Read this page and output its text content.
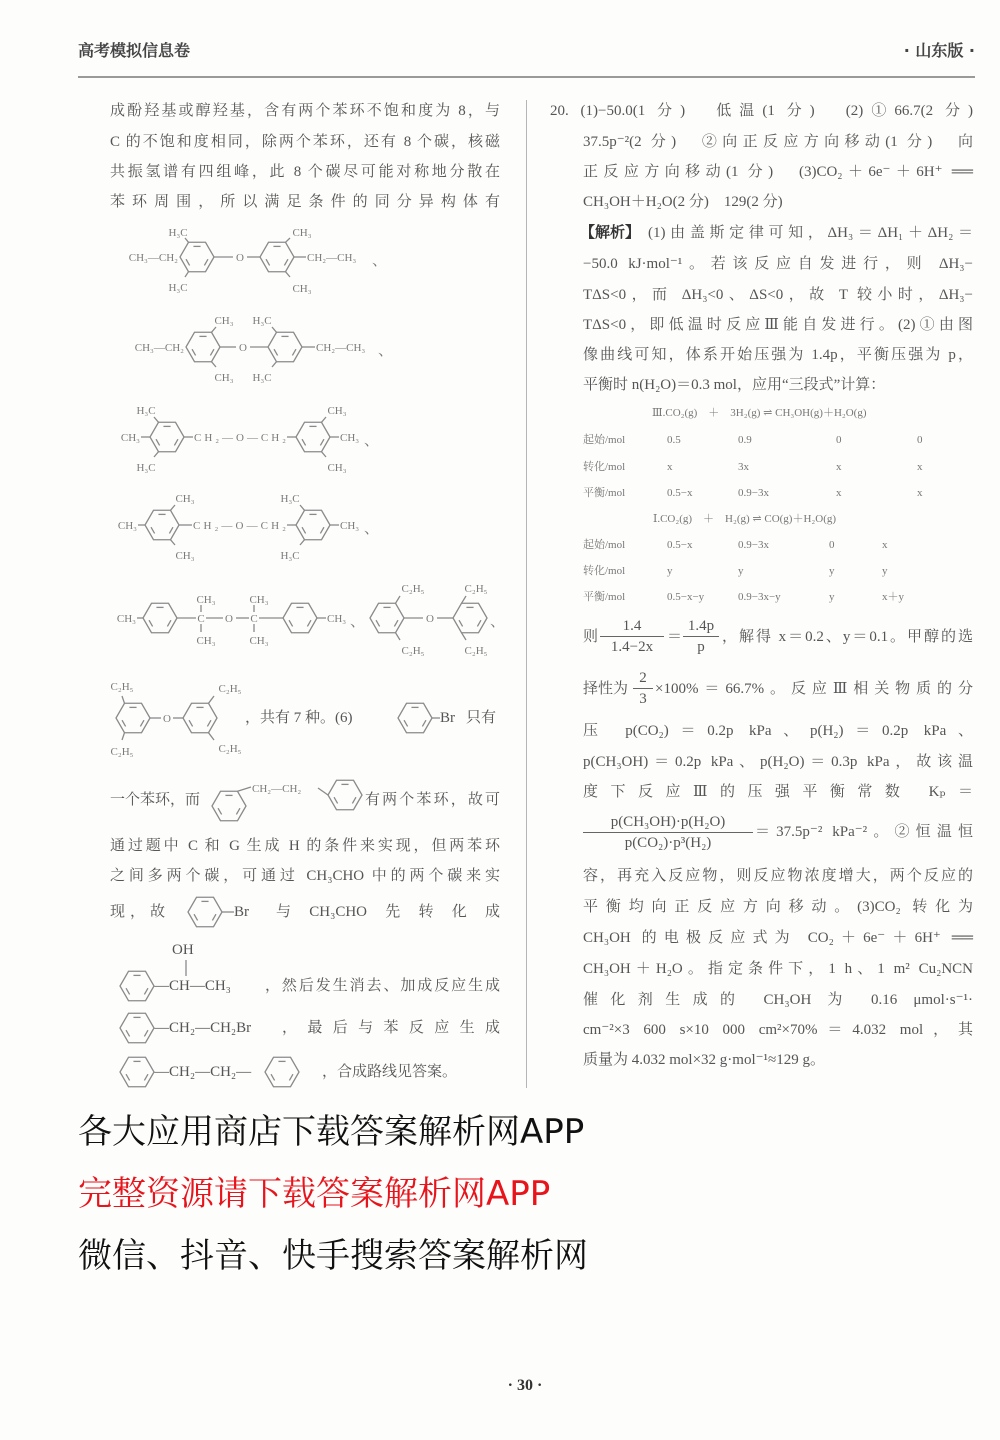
高考模拟信息卷	· 山东版 ·
成酚羟基或醇羟基，含有两个苯环不饱和度为 8，与
C 的不饱和度相同，除两个苯环，还有 8 个碳，核磁
共振氢谱有四组峰，此 8 个碳尽可能对称地分散在
苯环周围，所以满足条件的同分异构体有
，共有 7 种。(6)	Br 只有
一个苯环，而	有两个苯环，故可
通过题中 C 和 G 生成 H 的条件来实现，但两苯环
之间多两个碳，可通过 CH₃CHO 中的两个碳来实
现，故	Br 与　CH₃CHO　先　转　化　成
OH
—CH—CH₃ ，然后发生消去、加成反应生成
—CH₂—CH₂Br ，最后与苯反应生成
—CH₂—CH₂—	，合成路线见答案。
CH₃—CH₂
H₃C
H₃C
O
CH₃
CH₂—CH₃
CH₃
、
CH₃—CH₂
CH₃
CH₃
O
H₃C
H₃C
CH₂—CH₃ 、
CH₃
H₃C
H₃C
CH₂—O—CH₂
CH₃
CH₃
CH₃
、
CH₃
CH₃
CH₃
CH₂—O—CH₂
H₃C
H₃C
CH₃ 、
CH₃	C
CH₃
CH₃
O C
CH₃
CH₃
CH₃ 、
C₂H₅
C₂H₅
O
C₂H₅
C₂H₅
、
C₂H₅
C₂H₅
O
C₂H₅
C₂H₅
CH₂—CH₂
20. (1)−50.0(1 分)　低温(1 分)　(2)①66.7(2 分)
37.5p⁻²(2 分)　②向正反应方向移动(1 分)　向
正反应方向移动(1 分)　(3)CO₂＋6e⁻＋6H⁺ ══
CH₃OH＋H₂O(2 分)　129(2 分)
【解析】 (1)由盖斯定律可知，ΔH₃＝ΔH₁＋ΔH₂＝
−50.0 kJ·mol⁻¹。若该反应自发进行，则 ΔH₃−
TΔS<0，而 ΔH₃<0、ΔS<0，故 T 较小时，ΔH₃−
TΔS<0，即低温时反应Ⅲ能自发进行。(2)①由图
像曲线可知，体系开始压强为 1.4p，平衡压强为 p，
平衡时 n(H₂O)＝0.3 mol，应用“三段式”计算：
Ⅲ.CO₂(g)　＋　3H₂(g) ⇌ CH₃OH(g)＋H₂O(g)
起始/mol	0.5	0.9	0	0
转化/mol	x	3x	x	x
平衡/mol	0.5−x	0.9−3x	x	x
Ⅰ.CO₂(g)　＋　H₂(g) ⇌ CO(g)＋H₂O(g)
起始/mol	0.5−x	0.9−3x	0	x
转化/mol	y	y	y	y
平衡/mol	0.5−x−y	0.9−3x−y	y	x＋y
则 $\frac{1.4}{1.4-2x} = \frac{1.4p}{p}$ ，解得 x＝0.2、y＝0.1。甲醇的选
择性为 $\frac{2}{3} \times 100\%=66.7\%$。反应Ⅲ相关物质的分
压 p(CO₂)＝0.2p kPa、p(H₂)＝0.2p kPa、
p(CH₃OH)＝0.2p kPa、p(H₂O)＝0.3p kPa，故该温
度下反应Ⅲ的压强平衡常数 Kₚ＝
$\frac{\text{p(CH₃OH)·p(H₂O)}}{\text{p(CO₂)·p³(H₂)}} =37.5p^{-2}$ kPa⁻²。②恒温恒
容，再充入反应物，则反应物浓度增大，两个反应的
平衡均向正反应方向移动。(3)CO₂ 转化为
CH₃OH 的电极反应式为 CO₂＋6e⁻＋6H⁺ ══
CH₃OH＋H₂O。指定条件下，1 h、1 m² Cu₂NCN
催化剂生成的 CH₃OH 为 0.16 μmol·s⁻¹·
cm⁻²×3 600 s×10 000 cm²×70%＝4.032 mol，其
质量为 4.032 mol×32 g·mol⁻¹≈129 g。
各大应用商店下载答案解析网APP
完整资源请下载答案解析网APP
微信、抖音、快手搜索答案解析网
· 30 ·
